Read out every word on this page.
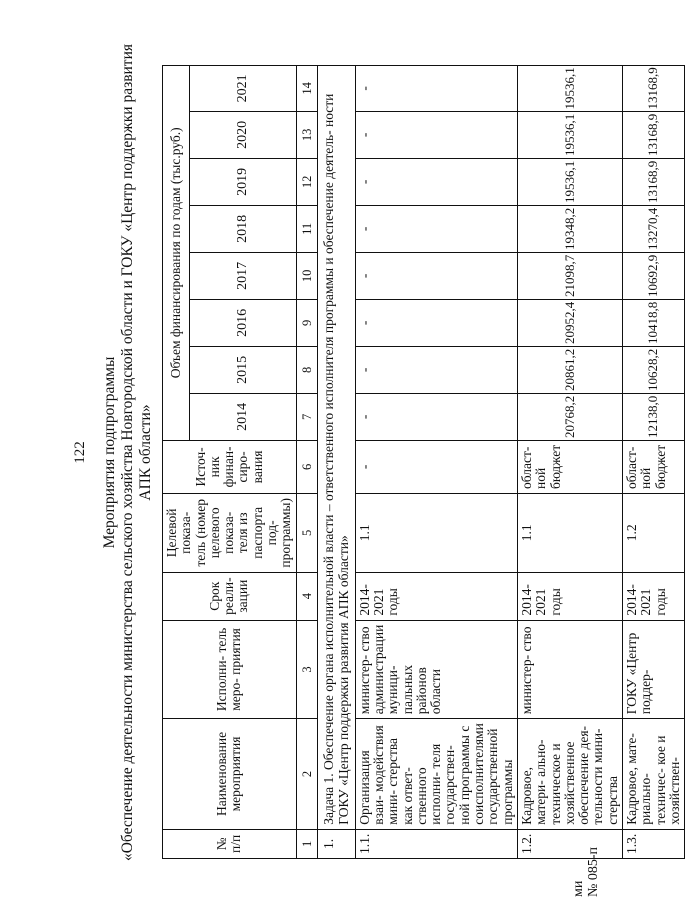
122 Мероприятия подпрограммы «Обеспечение деятельности министерства сельского хозяйства Новгородской области и ГОКУ «Центр поддержки развития АПК области»
№ п/п	Наименование мероприятия	Исполни- тель меро- приятия	Срок реали- зации	Целевой показа- тель (номер целевого показа- теля из паспорта под- программы)	Источ- ник финан- сиро- вания	Объем финансирования по годам (тыс.руб.)							
						2014	2015	2016	2017	2018	2019	2020	2021
1	2	3	4	5	6	7	8	9	10	11	12	13	14
1.	Задача 1. Обеспечение органа исполнительной власти – ответственного исполнителя программы и обеспечение деятель- ности ГОКУ «Центр поддержки развития АПК области»												
1.1.	Организация взаи- модействия мини- стерства как ответ- ственного исполни- теля государствен- ной программы с соисполнителями государственной программы	министер- ство администрации муници- пальных районов области	2014- 2021 годы	1.1	-	-	-	-	-	-	-	-	-
1.2.	Кадровое, матери- ально-техническое и хозяйственное обеспечение дея- тельности мини- стерства	министер- ство	2014- 2021 годы	1.1	област- ной бюджет	20768,2	20861,2	20952,4	21098,7	19348,2	19536,1	19536,1	19536,1
1.3.	Кадровое, мате- риально-техничес- кое и хозяйствен-	ГОКУ «Центр поддер-	2014- 2021 годы	1.2	област- ной бюджет	12138,0	10628,2	10418,8	10692,9	13270,4	13168,9	13168,9	13168,9
ми № 085-п
